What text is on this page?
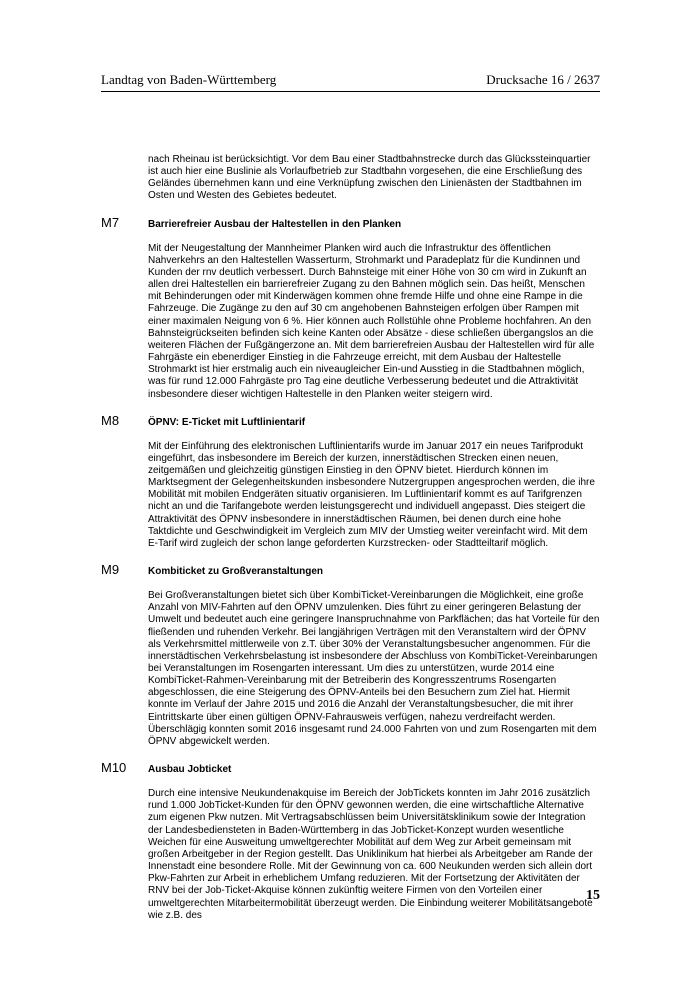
Landtag von Baden-Württemberg	Drucksache 16 / 2637

nach Rheinau ist berücksichtigt. Vor dem Bau einer Stadtbahnstrecke durch das Glückssteinquartier ist auch hier eine Buslinie als Vorlaufbetrieb zur Stadtbahn vorgesehen, die eine Erschließung des Geländes übernehmen kann und eine Verknüpfung zwischen den Linienästen der Stadtbahnen im Osten und Westen des Gebietes bedeutet.

M7	Barrierefreier Ausbau der Haltestellen in den Planken

Mit der Neugestaltung der Mannheimer Planken wird auch die Infrastruktur des öffentlichen Nahverkehrs an den Haltestellen Wasserturm, Strohmarkt und Paradeplatz für die Kundinnen und Kunden der rnv deutlich verbessert. Durch Bahnsteige mit einer Höhe von 30 cm wird in Zukunft an allen drei Haltestellen ein barrierefreier Zugang zu den Bahnen möglich sein. Das heißt, Menschen mit Behinderungen oder mit Kinderwägen kommen ohne fremde Hilfe und ohne eine Rampe in die Fahrzeuge. Die Zugänge zu den auf 30 cm angehobenen Bahnsteigen erfolgen über Rampen mit einer maximalen Neigung von 6 %. Hier können auch Rollstühle ohne Probleme hochfahren. An den Bahnsteigrückseiten befinden sich keine Kanten oder Absätze - diese schließen übergangslos an die weiteren Flächen der Fußgängerzone an. Mit dem barrierefreien Ausbau der Haltestellen wird für alle Fahrgäste ein ebenerdiger Einstieg in die Fahrzeuge erreicht, mit dem Ausbau der Haltestelle Strohmarkt ist hier erstmalig auch ein niveaugleicher Ein-und Ausstieg in die Stadtbahnen möglich, was für rund 12.000 Fahrgäste pro Tag eine deutliche Verbesserung bedeutet und die Attraktivität insbesondere dieser wichtigen Haltestelle in den Planken weiter steigern wird.

M8	ÖPNV: E-Ticket mit Luftlinientarif

Mit der Einführung des elektronischen Luftlinientarifs wurde im Januar 2017 ein neues Tarifprodukt eingeführt, das insbesondere im Bereich der kurzen, innerstädtischen Strecken einen neuen, zeitgemäßen und gleichzeitig günstigen Einstieg in den ÖPNV bietet. Hierdurch können im Marktsegment der Gelegenheitskunden insbesondere Nutzergruppen angesprochen werden, die ihre Mobilität mit mobilen Endgeräten situativ organisieren. Im Luftlinientarif kommt es auf Tarifgrenzen nicht an und die Tarifangebote werden leistungsgerecht und individuell angepasst. Dies steigert die Attraktivität des ÖPNV insbesondere in innerstädtischen Räumen, bei denen durch eine hohe Taktdichte und Geschwindigkeit im Vergleich zum MIV der Umstieg weiter vereinfacht wird. Mit dem E-Tarif wird zugleich der schon lange geforderten Kurzstrecken- oder Stadtteiltarif möglich.

M9	Kombiticket zu Großveranstaltungen

Bei Großveranstaltungen bietet sich über KombiTicket-Vereinbarungen die Möglichkeit, eine große Anzahl von MIV-Fahrten auf den ÖPNV umzulenken. Dies führt zu einer geringeren Belastung der Umwelt und bedeutet auch eine geringere Inanspruchnahme von Parkflächen; das hat Vorteile für den fließenden und ruhenden Verkehr. Bei langjährigen Verträgen mit den Veranstaltern wird der ÖPNV als Verkehrsmittel mittlerweile von z.T. über 30% der Veranstaltungsbesucher angenommen. Für die innerstädtischen Verkehrsbelastung ist insbesondere der Abschluss von KombiTicket-Vereinbarungen bei Veranstaltungen im Rosengarten interessant. Um dies zu unterstützen, wurde 2014 eine KombiTicket-Rahmen-Vereinbarung mit der Betreiberin des Kongresszentrums Rosengarten abgeschlossen, die eine Steigerung des ÖPNV-Anteils bei den Besuchern zum Ziel hat. Hiermit konnte im Verlauf der Jahre 2015 und 2016 die Anzahl der Veranstaltungsbesucher, die mit ihrer Eintrittskarte über einen gültigen ÖPNV-Fahrausweis verfügen, nahezu verdreifacht werden. Überschlägig konnten somit 2016 insgesamt rund 24.000 Fahrten von und zum Rosengarten mit dem ÖPNV abgewickelt werden.

M10	Ausbau Jobticket

Durch eine intensive Neukundenakquise im Bereich der JobTickets konnten im Jahr 2016 zusätzlich rund 1.000 JobTicket-Kunden für den ÖPNV gewonnen werden, die eine wirtschaftliche Alternative zum eigenen Pkw nutzen. Mit Vertragsabschlüssen beim Universitätsklinikum sowie der Integration der Landesbediensteten in Baden-Württemberg in das JobTicket-Konzept wurden wesentliche Weichen für eine Ausweitung umweltgerechter Mobilität auf dem Weg zur Arbeit gemeinsam mit großen Arbeitgeber in der Region gestellt. Das Uniklinikum hat hierbei als Arbeitgeber am Rande der Innenstadt eine besondere Rolle. Mit der Gewinnung von ca. 600 Neukunden werden sich allein dort Pkw-Fahrten zur Arbeit in erheblichem Umfang reduzieren. Mit der Fortsetzung der Aktivitäten der RNV bei der Job-Ticket-Akquise können zukünftig weitere Firmen von den Vorteilen einer umweltgerechten Mitarbeitermobilität überzeugt werden. Die Einbindung weiterer Mobilitätsangebote wie z.B. des

15
